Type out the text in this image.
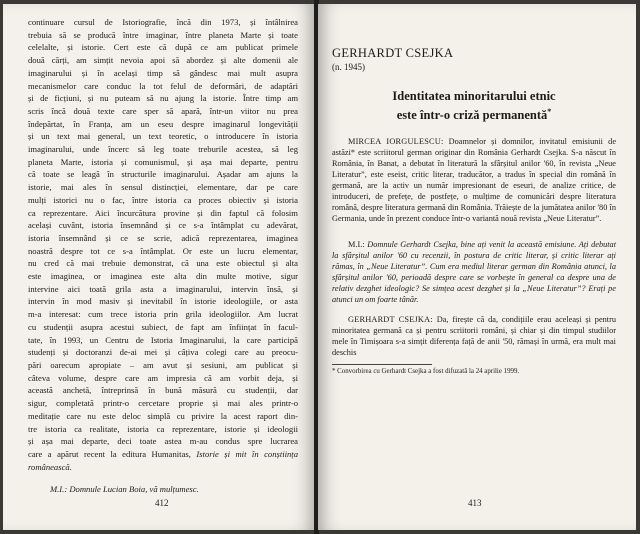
continuare cursul de Istoriografie, încă din 1973, și întâlnirea

trebuia să se producă între imaginar, între planeta Marte și toate

celelalte, și istorie. Cert este că după ce am publicat primele

două cărți, am simțit nevoia apoi să abordez și alte domenii ale

imaginarului și în același timp să gândesc mai mult asupra

mecanismelor care conduc la tot felul de deformări, de adaptări

și de ficțiuni, și nu puteam să nu ajung la istorie. Între timp am

scris încă două texte care sper să apară, într-un viitor nu prea

îndepărtat, în Franța, am un eseu despre imaginarul longevității

și un text mai general, un text teoretic, o introducere în istoria

imaginarului, unde încerc să leg toate treburile acestea, să leg

planeta Marte, istoria și comunismul, și așa mai departe, pentru

că toate se leagă în structurile imaginarului. Așadar am ajuns la

istorie, mai ales în sensul distincției, elementare, dar pe care

mulți istorici nu o fac, între istoria ca proces obiectiv și istoria

ca reprezentare. Aici încurcătura provine și din faptul că folosim

același cuvânt, istoria însemnând și ce s-a întâmplat cu adevărat,

istoria însemnând și ce se scrie, adică reprezentarea, imaginea

noastră despre tot ce s-a întâmplat. Or este un lucru elementar,

nu cred că mai trebuie demonstrat, că una este obiectul și alta

este imaginea, or imaginea este alta din multe motive, sigur

intervine aici toată grila asta a imaginarului, intervin însă, și

intervin în mod masiv și inevitabil în istorie ideologiile, or asta

m-a interesat: cum trece istoria prin grila ideologiilor. Am lucrat

cu studenții asupra acestui subiect, de fapt am înființat în facul-

tate, în 1993, un Centru de Istoria Imaginarului, la care participă

studenți și doctoranzi de-ai mei și câțiva colegi care au preocu-

pări oarecum apropiate – am avut și sesiuni, am publicat și

câteva volume, despre care am impresia că am vorbit deja, și

această anchetă, întreprinsă în bună măsură cu studenții, dar

sigur, completată printr-o cercetare proprie și mai ales printr-o

meditație care nu este deloc simplă cu privire la acest raport din-

tre istoria ca realitate, istoria ca reprezentare, istorie și ideologii

și așa mai departe, deci toate astea m-au condus spre lucrarea

care a apărut recent la editura Humanitas, Istorie și mit în conștiința românească.

M.I.: Domnule Lucian Boia, vă mulțumesc.

412
GERHARDT CSEJKA
(n. 1945)
Identitatea minoritarului etnic
este într-o criză permanentă*

MIRCEA IORGULESCU: Doamnelor și domnilor, invitatul emisiunii de astăzi* este scriitorul german originar din România Gerhardt Csejka. S-a născut în România, în Banat, a debutat în literatură la sfârșitul anilor '60, în revista „Neue Literatur”, este eseist, critic literar, traducător, a tradus în special din română în germană, are la activ un număr impresionant de eseuri, de analize critice, de introduceri, de prefețe, de postfețe, o mulțime de comunicări despre literatura română, despre literatura germană din România. Trăiește de la jumătatea anilor '80 în Germania, unde în prezent conduce într-o variantă nouă revista „Neue Literatur”.

M.I.: Domnule Gerhardt Csejka, bine ați venit la această emisiune. Ați debutat la sfârșitul anilor '60 cu recenzii, în postura de critic literar, și critic literar ați rămas, în „Neue Literatur”. Cum era mediul literar german din România atunci, la sfârșitul anilor '60, perioadă despre care se vorbește în general ca despre una de relativ dezghet ideologic? Se simțea acest dezghet și la „Neue Literatur”? Erați pe atunci un om foarte tânăr.

GERHARDT CSEJKA: Da, firește că da, condițiile erau aceleași și pentru minoritatea germană ca și pentru scriitorii români, și chiar și din timpul studiilor mele în Timișoara s-a simțit diferența față de anii '50, rămași în urmă, era mult mai deschis

* Convorbirea cu Gerhardt Csejka a fost difuzată la 24 aprilie 1999.
413
